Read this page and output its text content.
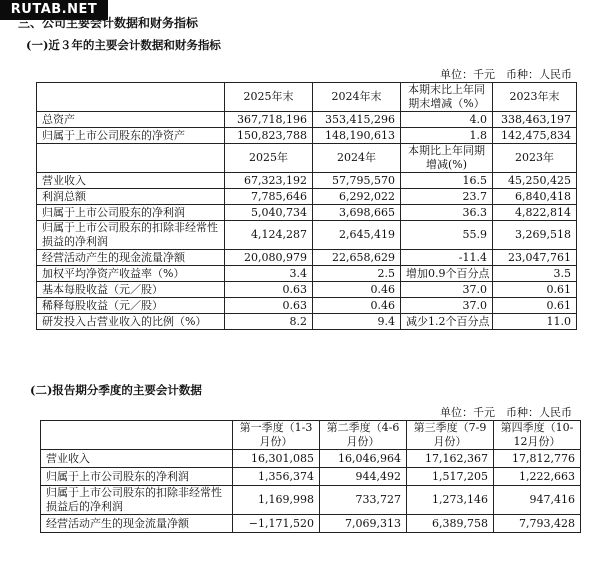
RUTAB.NET
三、公司主要会计数据和财务指标
(一)近３年的主要会计数据和财务指标
单位：千元　币种：人民币
	2025年末	2024年末	本期末比上年同期末增减（%）	2023年末
总资产	367,718,196	353,415,296	4.0	338,463,197
归属于上市公司股东的净资产	150,823,788	148,190,613	1.8	142,475,834
	2025年	2024年	本期比上年同期增减(%)	2023年
营业收入	67,323,192	57,795,570	16.5	45,250,425
利润总额	7,785,646	6,292,022	23.7	6,840,418
归属于上市公司股东的净利润	5,040,734	3,698,665	36.3	4,822,814
归属于上市公司股东的扣除非经常性损益的净利润	4,124,287	2,645,419	55.9	3,269,518
经营活动产生的现金流量净额	20,080,979	22,658,629	-11.4	23,047,761
加权平均净资产收益率（%）	3.4	2.5	增加0.9个百分点	3.5
基本每股收益（元／股）	0.63	0.46	37.0	0.61
稀释每股收益（元／股）	0.63	0.46	37.0	0.61
研发投入占营业收入的比例（%）	8.2	9.4	减少1.2个百分点	11.0
(二)报告期分季度的主要会计数据
单位：千元　币种：人民币
	第一季度（1-3月份）	第二季度（4-6月份）	第三季度（7-9月份）	第四季度（10-12月份）
营业收入	16,301,085	16,046,964	17,162,367	17,812,776
归属于上市公司股东的净利润	1,356,374	944,492	1,517,205	1,222,663
归属于上市公司股东的扣除非经常性损益后的净利润	1,169,998	733,727	1,273,146	947,416
经营活动产生的现金流量净额	−1,171,520	7,069,313	6,389,758	7,793,428
